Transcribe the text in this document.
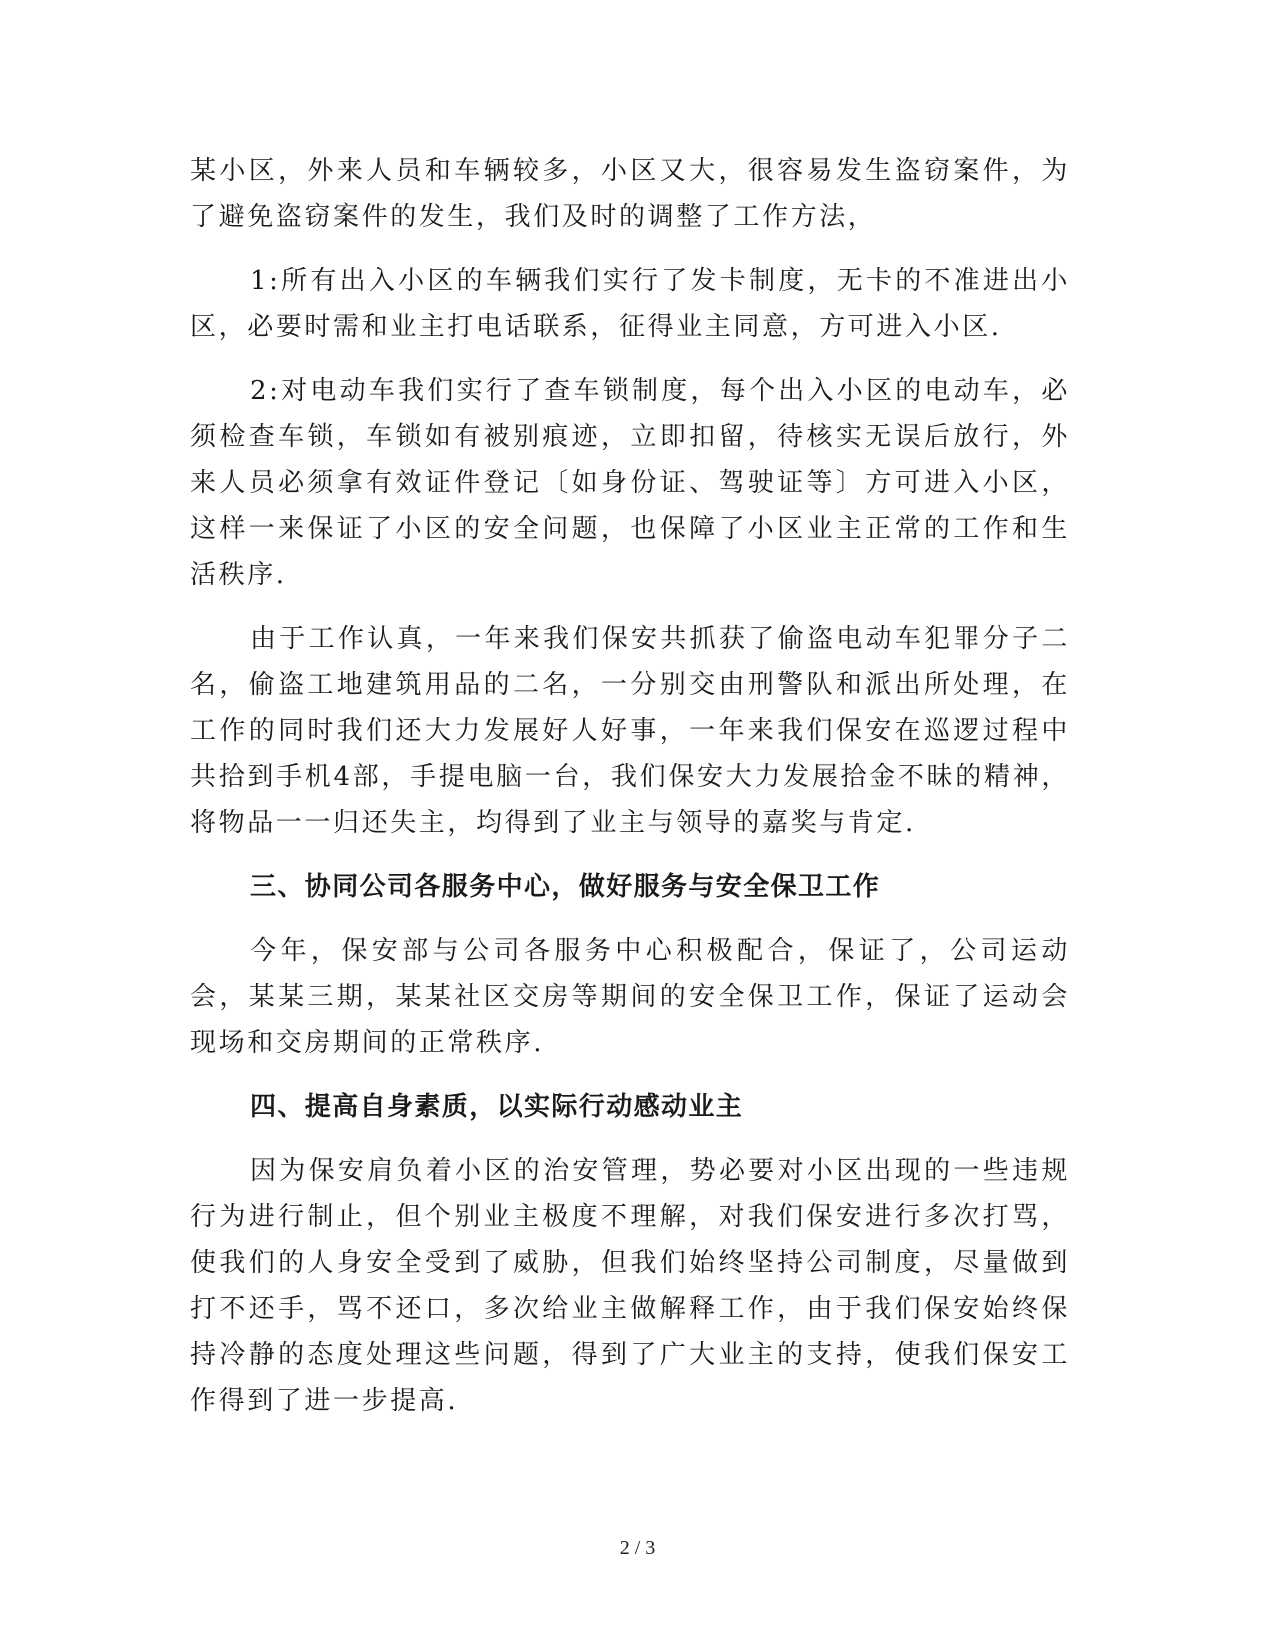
某小区，外来人员和车辆较多，小区又大，很容易发生盗窃案件，为了避免盗窃案件的发生，我们及时的调整了工作方法，

1:所有出入小区的车辆我们实行了发卡制度，无卡的不准进出小区，必要时需和业主打电话联系，征得业主同意，方可进入小区.

2:对电动车我们实行了查车锁制度，每个出入小区的电动车，必须检查车锁，车锁如有被别痕迹，立即扣留，待核实无误后放行，外来人员必须拿有效证件登记〔如身份证、驾驶证等〕方可进入小区，这样一来保证了小区的安全问题，也保障了小区业主正常的工作和生活秩序.

由于工作认真，一年来我们保安共抓获了偷盗电动车犯罪分子二名，偷盗工地建筑用品的二名，一分别交由刑警队和派出所处理，在工作的同时我们还大力发展好人好事，一年来我们保安在巡逻过程中共拾到手机4部，手提电脑一台，我们保安大力发展拾金不昧的精神，将物品一一归还失主，均得到了业主与领导的嘉奖与肯定.

三、协同公司各服务中心，做好服务与安全保卫工作

今年，保安部与公司各服务中心积极配合，保证了，公司运动会，某某三期，某某社区交房等期间的安全保卫工作，保证了运动会现场和交房期间的正常秩序.

四、提高自身素质，以实际行动感动业主

因为保安肩负着小区的治安管理，势必要对小区出现的一些违规行为进行制止，但个别业主极度不理解，对我们保安进行多次打骂，使我们的人身安全受到了威胁，但我们始终坚持公司制度，尽量做到打不还手，骂不还口，多次给业主做解释工作，由于我们保安始终保持冷静的态度处理这些问题，得到了广大业主的支持，使我们保安工作得到了进一步提高.

2 / 3
